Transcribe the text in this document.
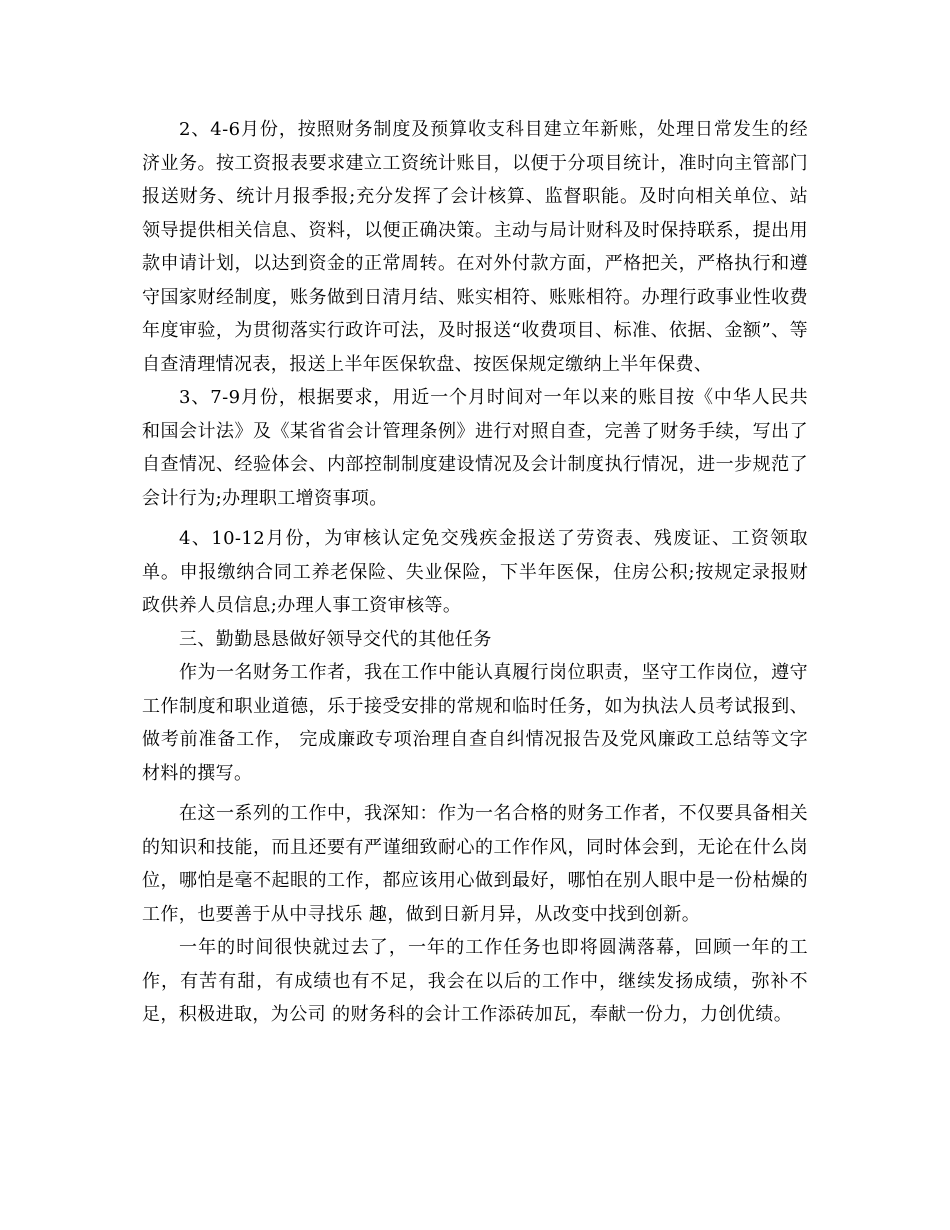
2、4-6月份，按照财务制度及预算收支科目建立年新账，处理日常发生的经济业务。按工资报表要求建立工资统计账目，以便于分项目统计，准时向主管部门报送财务、统计月报季报;充分发挥了会计核算、监督职能。及时向相关单位、站领导提供相关信息、资料，以便正确决策。主动与局计财科及时保持联系，提出用款申请计划，以达到资金的正常周转。在对外付款方面，严格把关，严格执行和遵守国家财经制度，账务做到日清月结、账实相符、账账相符。办理行政事业性收费年度审验，为贯彻落实行政许可法，及时报送“收费项目、标准、依据、金额”、等自查清理情况表，报送上半年医保软盘、按医保规定缴纳上半年保费、

3、7-9月份，根据要求，用近一个月时间对一年以来的账目按《中华人民共和国会计法》及《某省省会计管理条例》进行对照自查，完善了财务手续，写出了自查情况、经验体会、内部控制制度建设情况及会计制度执行情况，进一步规范了会计行为;办理职工增资事项。

4、10-12月份，为审核认定免交残疾金报送了劳资表、残废证、工资领取单。申报缴纳合同工养老保险、失业保险，下半年医保，住房公积;按规定录报财政供养人员信息;办理人事工资审核等。

三、勤勤恳恳做好领导交代的其他任务

作为一名财务工作者，我在工作中能认真履行岗位职责，坚守工作岗位，遵守工作制度和职业道德，乐于接受安排的常规和临时任务，如为执法人员考试报到、做考前准备工作， 完成廉政专项治理自查自纠情况报告及党风廉政工总结等文字材料的撰写。

在这一系列的工作中，我深知：作为一名合格的财务工作者，不仅要具备相关的知识和技能，而且还要有严谨细致耐心的工作作风，同时体会到，无论在什么岗位，哪怕是毫不起眼的工作，都应该用心做到最好，哪怕在别人眼中是一份枯燥的工作，也要善于从中寻找乐 趣，做到日新月异，从改变中找到创新。

一年的时间很快就过去了，一年的工作任务也即将圆满落幕，回顾一年的工作，有苦有甜，有成绩也有不足，我会在以后的工作中，继续发扬成绩，弥补不足，积极进取，为公司 的财务科的会计工作添砖加瓦，奉献一份力，力创优绩。
